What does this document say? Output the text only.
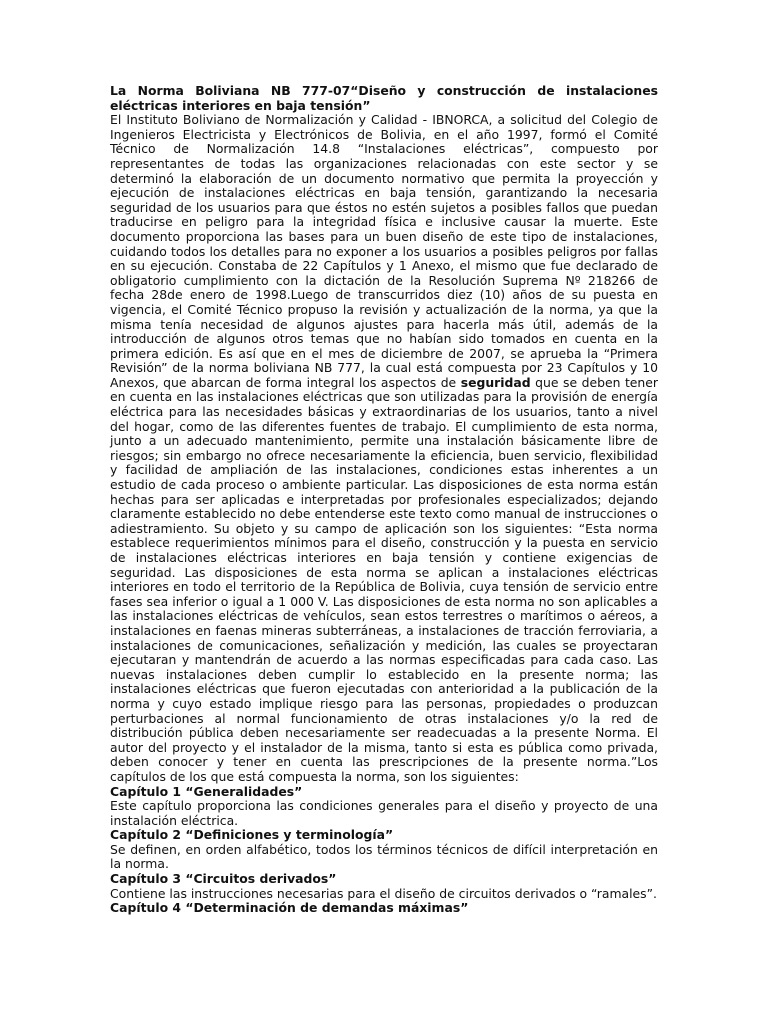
La Norma Boliviana NB 777-07“Diseño y construcción de instalaciones eléctricas interiores en baja tensión”

El Instituto Boliviano de Normalización y Calidad - IBNORCA, a solicitud del Colegio de Ingenieros Electricista y Electrónicos de Bolivia, en el año 1997, formó el Comité Técnico de Normalización 14.8 “Instalaciones eléctricas”, compuesto por representantes de todas las organizaciones relacionadas con este sector y se determinó la elaboración de un documento normativo que permita la proyección y ejecución de instalaciones eléctricas en baja tensión, garantizando la necesaria seguridad de los usuarios para que éstos no estén sujetos a posibles fallos que puedan traducirse en peligro para la integridad física e inclusive causar la muerte. Este documento proporciona las bases para un buen diseño de este tipo de instalaciones, cuidando todos los detalles para no exponer a los usuarios a posibles peligros por fallas en su ejecución. Constaba de 22 Capítulos y 1 Anexo, el mismo que fue declarado de obligatorio cumplimiento con la dictación de la Resolución Suprema Nº 218266 de fecha 28de enero de 1998.Luego de transcurridos diez (10) años de su puesta en vigencia, el Comité Técnico propuso la revisión y actualización de la norma, ya que la misma tenía necesidad de algunos ajustes para hacerla más útil, además de la introducción de algunos otros temas que no habían sido tomados en cuenta en la primera edición. Es así que en el mes de diciembre de 2007, se aprueba la “Primera Revisión” de la norma boliviana NB 777, la cual está compuesta por 23 Capítulos y 10 Anexos, que abarcan de forma integral los aspectos de seguridad que se deben tener en cuenta en las instalaciones eléctricas que son utilizadas para la provisión de energía eléctrica para las necesidades básicas y extraordinarias de los usuarios, tanto a nivel del hogar, como de las diferentes fuentes de trabajo. El cumplimiento de esta norma, junto a un adecuado mantenimiento, permite una instalación básicamente libre de riesgos; sin embargo no ofrece necesariamente la eficiencia, buen servicio, flexibilidad y facilidad de ampliación de las instalaciones, condiciones estas inherentes a un estudio de cada proceso o ambiente particular. Las disposiciones de esta norma están hechas para ser aplicadas e interpretadas por profesionales especializados; dejando claramente establecido no debe entenderse este texto como manual de instrucciones o adiestramiento. Su objeto y su campo de aplicación son los siguientes: “Esta norma establece requerimientos mínimos para el diseño, construcción y la puesta en servicio de instalaciones eléctricas interiores en baja tensión y contiene exigencias de seguridad. Las disposiciones de esta norma se aplican a instalaciones eléctricas interiores en todo el territorio de la República de Bolivia, cuya tensión de servicio entre fases sea inferior o igual a 1 000 V. Las disposiciones de esta norma no son aplicables a las instalaciones eléctricas de vehículos, sean estos terrestres o marítimos o aéreos, a instalaciones en faenas mineras subterráneas, a instalaciones de tracción ferroviaria, a instalaciones de comunicaciones, señalización y medición, las cuales se proyectaran ejecutaran y mantendrán de acuerdo a las normas especificadas para cada caso. Las nuevas instalaciones deben cumplir lo establecido en la presente norma; las instalaciones eléctricas que fueron ejecutadas con anterioridad a la publicación de la norma y cuyo estado implique riesgo para las personas, propiedades o produzcan perturbaciones al normal funcionamiento de otras instalaciones y/o la red de distribución pública deben necesariamente ser readecuadas a la presente Norma. El autor del proyecto y el instalador de la misma, tanto si esta es pública como privada, deben conocer y tener en cuenta las prescripciones de la presente norma.”Los capítulos de los que está compuesta la norma, son los siguientes:

Capítulo 1 “Generalidades”

Este capítulo proporciona las condiciones generales para el diseño y proyecto de una instalación eléctrica.

Capítulo 2 “Definiciones y terminología”

Se definen, en orden alfabético, todos los términos técnicos de difícil interpretación en la norma.

Capítulo 3 “Circuitos derivados”

Contiene las instrucciones necesarias para el diseño de circuitos derivados o “ramales”.

Capítulo 4 “Determinación de demandas máximas”
